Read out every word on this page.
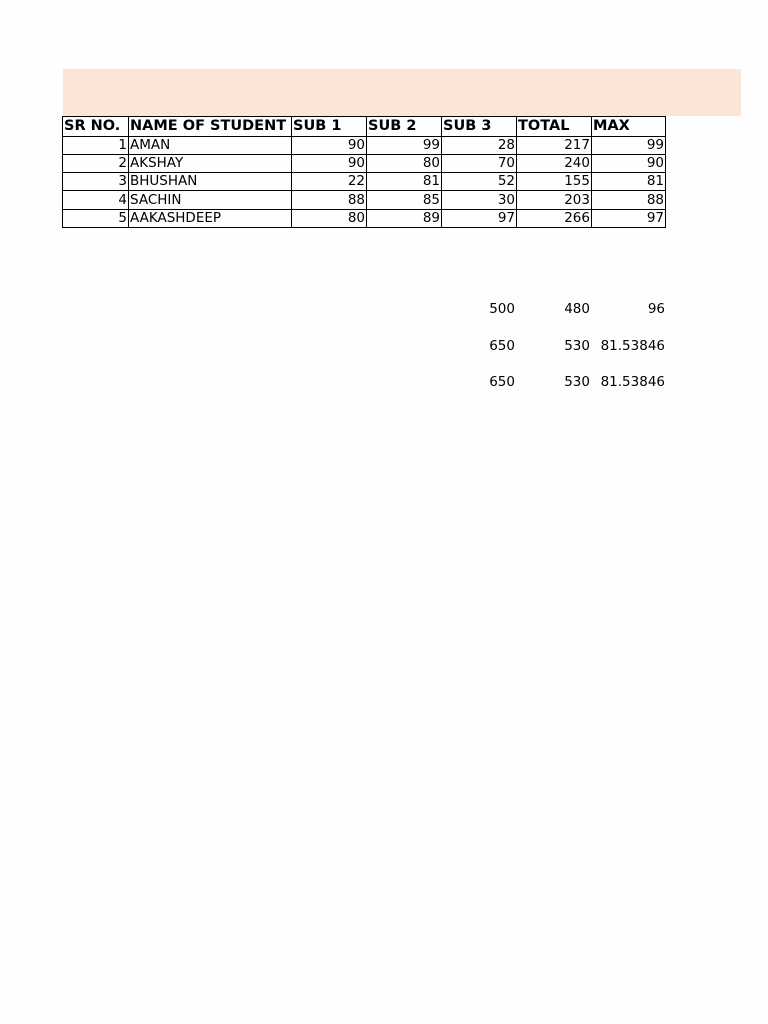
SR NO.	NAME OF STUDENT	SUB 1	SUB 2	SUB 3	TOTAL	MAX
1	AMAN	90	99	28	217	99
2	AKSHAY	90	80	70	240	90
3	BHUSHAN	22	81	52	155	81
4	SACHIN	88	85	30	203	88
5	AAKASHDEEP	80	89	97	266	97
500	480	96
650	530 81.53846
650	530 81.53846
